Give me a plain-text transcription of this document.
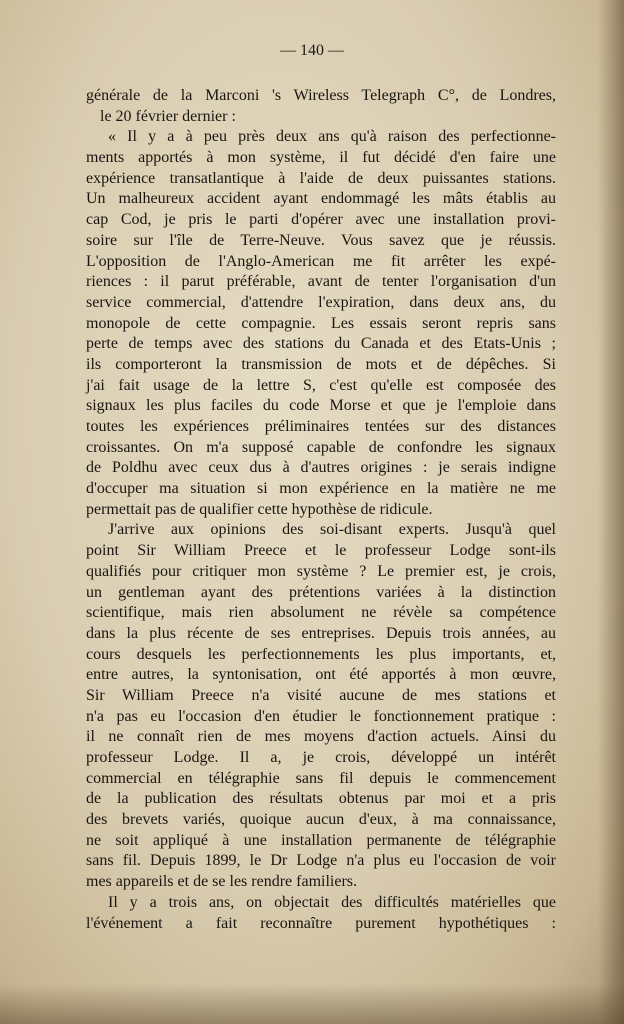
— 140 —
générale de la Marconi 's Wireless Telegraph C°, de Londres,
le 20 février dernier :
« Il y a à peu près deux ans qu'à raison des perfectionne-
ments apportés à mon système, il fut décidé d'en faire une
expérience transatlantique à l'aide de deux puissantes stations.
Un malheureux accident ayant endommagé les mâts établis au
cap Cod, je pris le parti d'opérer avec une installation provi-
soire sur l'île de Terre-Neuve. Vous savez que je réussis.
L'opposition de l'Anglo-American me fit arrêter les expé-
riences : il parut préférable, avant de tenter l'organisation d'un
service commercial, d'attendre l'expiration, dans deux ans, du
monopole de cette compagnie. Les essais seront repris sans
perte de temps avec des stations du Canada et des Etats-Unis ;
ils comporteront la transmission de mots et de dépêches. Si
j'ai fait usage de la lettre S, c'est qu'elle est composée des
signaux les plus faciles du code Morse et que je l'emploie dans
toutes les expériences préliminaires tentées sur des distances
croissantes. On m'a supposé capable de confondre les signaux
de Poldhu avec ceux dus à d'autres origines : je serais indigne
d'occuper ma situation si mon expérience en la matière ne me
permettait pas de qualifier cette hypothèse de ridicule.
J'arrive aux opinions des soi-disant experts. Jusqu'à quel
point Sir William Preece et le professeur Lodge sont-ils
qualifiés pour critiquer mon système ? Le premier est, je crois,
un gentleman ayant des prétentions variées à la distinction
scientifique, mais rien absolument ne révèle sa compétence
dans la plus récente de ses entreprises. Depuis trois années, au
cours desquels les perfectionnements les plus importants, et,
entre autres, la syntonisation, ont été apportés à mon œuvre,
Sir William Preece n'a visité aucune de mes stations et
n'a pas eu l'occasion d'en étudier le fonctionnement pratique :
il ne connaît rien de mes moyens d'action actuels. Ainsi du
professeur Lodge. Il a, je crois, développé un intérêt
commercial en télégraphie sans fil depuis le commencement
de la publication des résultats obtenus par moi et a pris
des brevets variés, quoique aucun d'eux, à ma connaissance,
ne soit appliqué à une installation permanente de télégraphie
sans fil. Depuis 1899, le Dr Lodge n'a plus eu l'occasion de voir
mes appareils et de se les rendre familiers.
Il y a trois ans, on objectait des difficultés matérielles que
l'événement a fait reconnaître purement hypothétiques :
